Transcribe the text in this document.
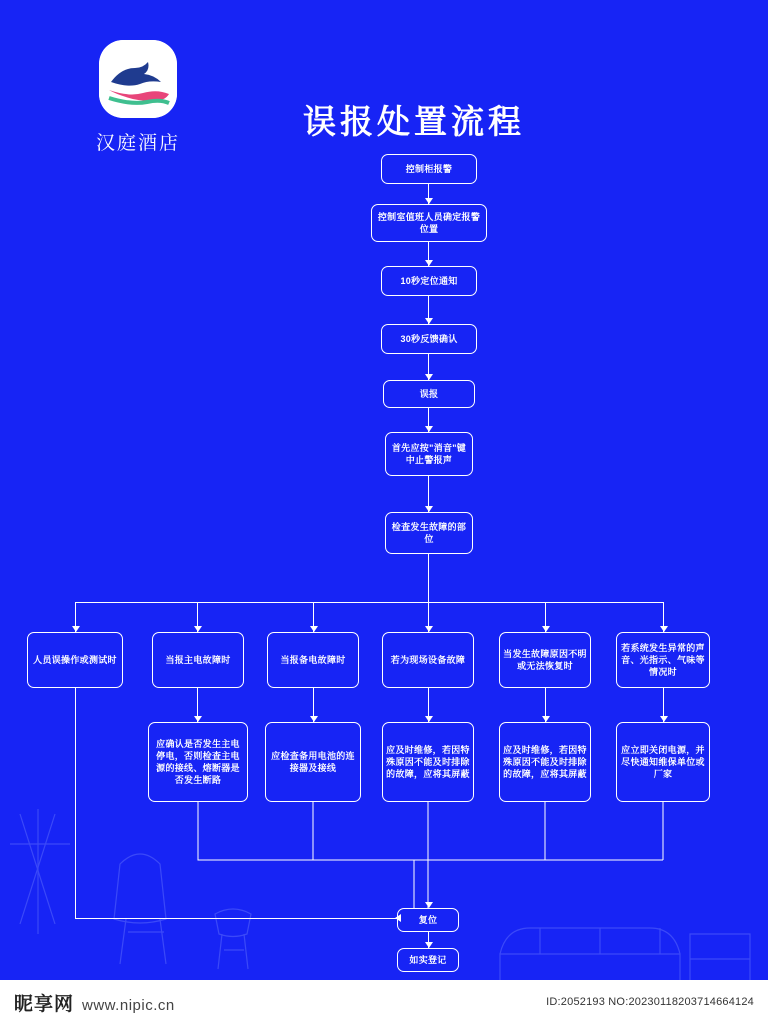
汉庭酒店
误报处置流程
控制柜报警
控制室值班人员确定报警位置
10秒定位通知
30秒反馈确认
误报
首先应按"消音"键中止警报声
检查发生故障的部位
人员误操作或测试时	当报主电故障时	当报备电故障时	若为现场设备故障
当发生故障原因不明或无法恢复时
若系统发生异常的声音、光指示、气味等情况时
应确认是否发生主电停电，否则检查主电源的接线、熔断器是否发生断路
应检查备用电池的连接器及接线
应及时维修，若因特殊原因不能及时排除的故障，应将其屏蔽
应及时维修，若因特殊原因不能及时排除的故障，应将其屏蔽
应立即关闭电源，并尽快通知维保单位或厂家
复位
如实登记
昵享网 www.nipic.cn	ID:2052193 NO:20230118203714664124
